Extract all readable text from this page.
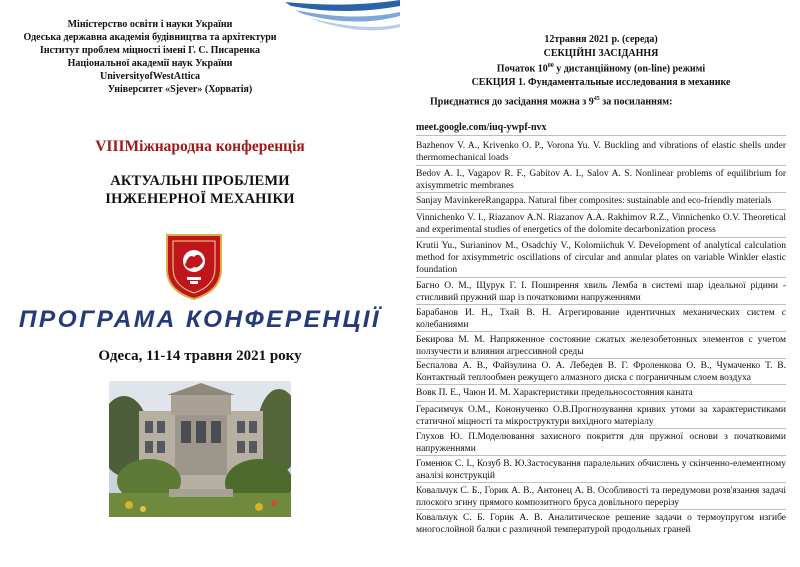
Міністерство освіти і науки України
Одеська державна академія будівництва та архітектури
Інститут проблем міцності імені Г. С. Писаренка
Національної академії наук України
UniversityofWestAttica
Університет «Sjever» (Хорватія)
VIIIМіжнародна конференція
АКТУАЛЬНІ ПРОБЛЕМИ
ІНЖЕНЕРНОЇ МЕХАНІКИ
ПРОГРАМА КОНФЕРЕНЦІЇ
Одеса, 11-14 травня 2021 року
12травня 2021 р. (середа)
СЕКЦІЙНІ ЗАСІДАННЯ
Початок $10^{00}$ у дистанційному (on-line) режимі
СЕКЦИЯ 1. Фундаментальные исследования в механике
Приєднатися до засідання можна з $9^{45}$ за посиланням:
meet.google.com/iuq-ywpf-nvx
Bazhenov V. A., Krivenko O. P., Vorona Yu. V. Buckling and vibrations of elastic shells under thermomechanical loads
Bedov A. I., Vagapov R. F., Gabitov A. I., Salov A. S. Nonlinear problems of equilibrium for axisymmetric membranes
Sanjay MavinkereRangappa. Natural fiber composites: sustainable and eco-friendly materials
Vinnichenko V. I., Riazanov A.N. Riazanov A.A. Rakhimov R.Z., Vinnichenko O.V. Theoretical and experimental studies of energetics of the dolomite decarbonization process
Krutii Yu., Surianinov M., Osadchiy V., Kolomiichuk V. Development of analytical calculation method for axisymmetric oscillations of circular and annular plates on variable Winkler elastic foundation
Багно О. М., Щурук Г. І. Поширення хвиль Лемба в системі шар ідеальної рідини - стисливий пружний шар із початковими напруженнями
Барабанов И. Н., Тхай В. Н. Агрегирование идентичных механических систем с колебаниями
Бекирова М. М. Напряженное состояние сжатых железобетонных элементов с учетом ползучести и влияния агрессивной среды
Беспалова А. В., Файзулина О. А. Лебедев В. Г. Фроленкова О. В., Чумаченко Т. В. Контактный теплообмен режущего алмазного диска с пограничным слоем воздуха
Вовк П. Е., Чаюн И. М. Характеристики предельносостояния каната
Герасимчук О.М., Кононученко О.В.Прогнозування кривих утоми за характеристиками статичної міцності та мікроструктури вихідного матеріалу
Глухов Ю. П.Моделювання захисного покриття для пружної основи з початковими напруженнями
Гоменюк С. І., Козуб В. Ю.Застосування паралельних обчислень у скінченно-елементному аналізі конструкцій
Ковальчук С. Б., Горик А. В., Антонец А. В. Особливості та передумови розв'язання задачі плоского згину прямого композитного бруса довільного перерізу
Ковальчук С. Б. Горик А. В. Аналитическое решение задачи о термоупругом изгибе многослойной балки с различной температурой продольных граней
